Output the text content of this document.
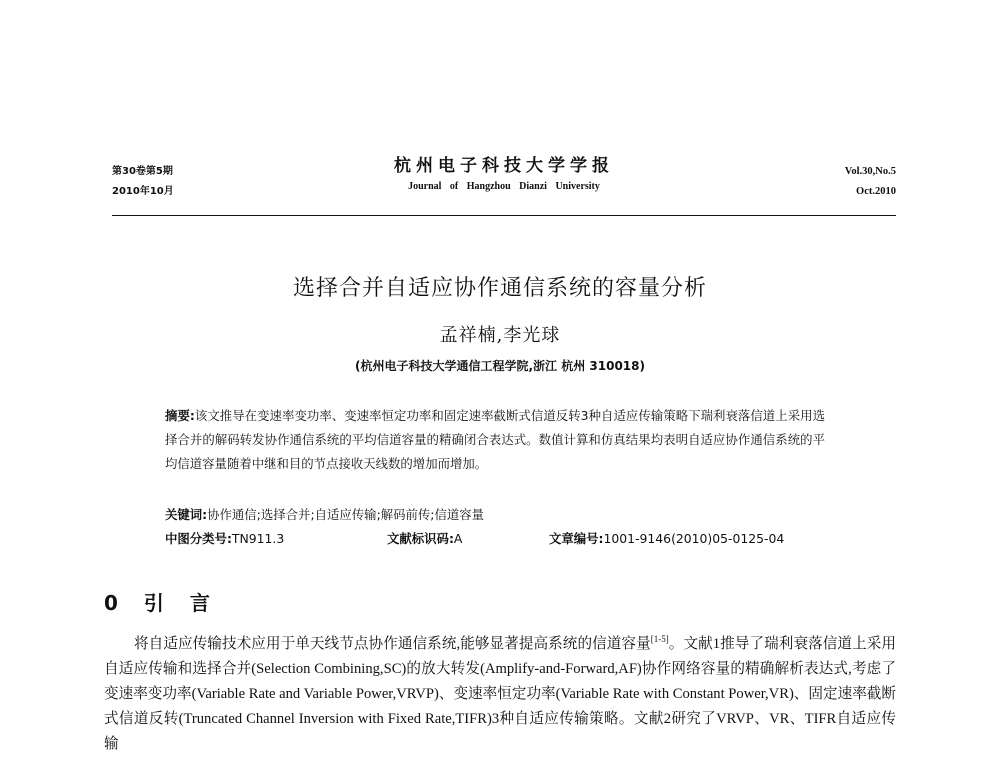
第30卷第5期
2010年10月
杭州电子科技大学学报
Journal of Hangzhou Dianzi University
Vol.30,No.5
Oct.2010
选择合并自适应协作通信系统的容量分析
孟祥楠,李光球
(杭州电子科技大学通信工程学院,浙江 杭州 310018)
摘要:该文推导在变速率变功率、变速率恒定功率和固定速率截断式信道反转3种自适应传输策略下瑞利衰落信道上采用选择合并的解码转发协作通信系统的平均信道容量的精确闭合表达式。数值计算和仿真结果均表明自适应协作通信系统的平均信道容量随着中继和目的节点接收天线数的增加而增加。
关键词:协作通信;选择合并;自适应传输;解码前传;信道容量
中图分类号:TN911.3	文献标识码:A	文章编号:1001-9146(2010)05-0125-04
0 引言

将自适应传输技术应用于单天线节点协作通信系统,能够显著提高系统的信道容量[1-5]。文献1推导了瑞利衰落信道上采用自适应传输和选择合并(Selection Combining,SC)的放大转发(Amplify-and-Forward,AF)协作网络容量的精确解析表达式,考虑了变速率变功率(Variable Rate and Variable Power,VRVP)、变速率恒定功率(Variable Rate with Constant Power,VR)、固定速率截断式信道反转(Truncated Channel Inversion with Fixed Rate,TIFR)3种自适应传输策略。文献2研究了VRVP、VR、TIFR自适应传输
